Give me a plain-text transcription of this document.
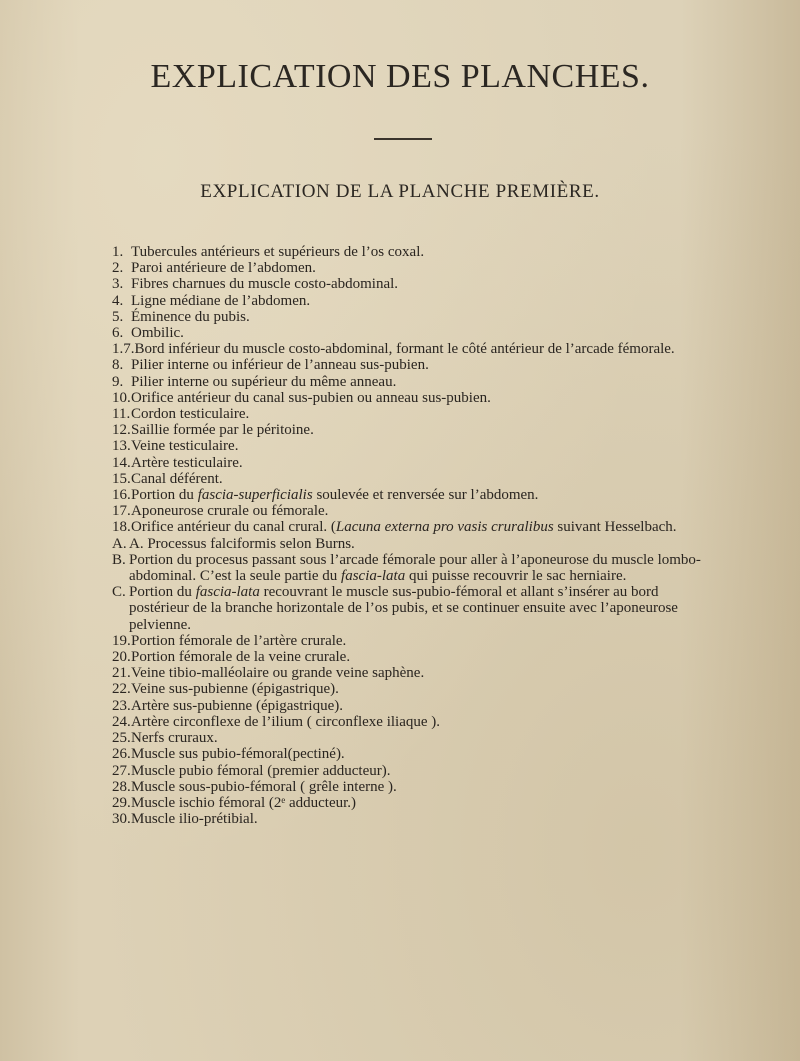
EXPLICATION DES PLANCHES.
EXPLICATION DE LA PLANCHE PREMIÈRE.
1. Tubercules antérieurs et supérieurs de l’os coxal.
2. Paroi antérieure de l’abdomen.
3. Fibres charnues du muscle costo-abdominal.
4. Ligne médiane de l’abdomen.
5. Éminence du pubis.
6. Ombilic.
1.7.Bord inférieur du muscle costo-abdominal, formant le côté antérieur de l’arcade fémorale.
8. Pilier interne ou inférieur de l’anneau sus-pubien.
9. Pilier interne ou supérieur du même anneau.
10.Orifice antérieur du canal sus-pubien ou anneau sus-pubien.
11.Cordon testiculaire.
12.Saillie formée par le péritoine.
13.Veine testiculaire.
14.Artère testiculaire.
15.Canal déférent.
16.Portion du fascia-superficialis soulevée et renversée sur l’abdomen.
17.Aponeurose crurale ou fémorale.
18.Orifice antérieur du canal crural. (Lacuna externa pro vasis cruralibus suivant Hesselbach.
A. A. Processus falciformis selon Burns.
B. Portion du procesus passant sous l’arcade fémorale pour aller à l’aponeurose du muscle lombo-abdominal. C’est la seule partie du fascia-lata qui puisse recouvrir le sac herniaire.
C. Portion du fascia-lata recouvrant le muscle sus-pubio-fémoral et allant s’insérer au bord postérieur de la branche horizontale de l’os pubis, et se continuer ensuite avec l’aponeurose pelvienne.
19.Portion fémorale de l’artère crurale.
20.Portion fémorale de la veine crurale.
21.Veine tibio-malléolaire ou grande veine saphène.
22.Veine sus-pubienne (épigastrique).
23.Artère sus-pubienne (épigastrique).
24.Artère circonflexe de l’ilium ( circonflexe iliaque ).
25.Nerfs cruraux.
26.Muscle sus pubio-fémoral(pectiné).
27.Muscle pubio fémoral (premier adducteur).
28.Muscle sous-pubio-fémoral ( grêle interne ).
29.Muscle ischio fémoral (2ᵉ adducteur.)
30.Muscle ilio-prétibial.
